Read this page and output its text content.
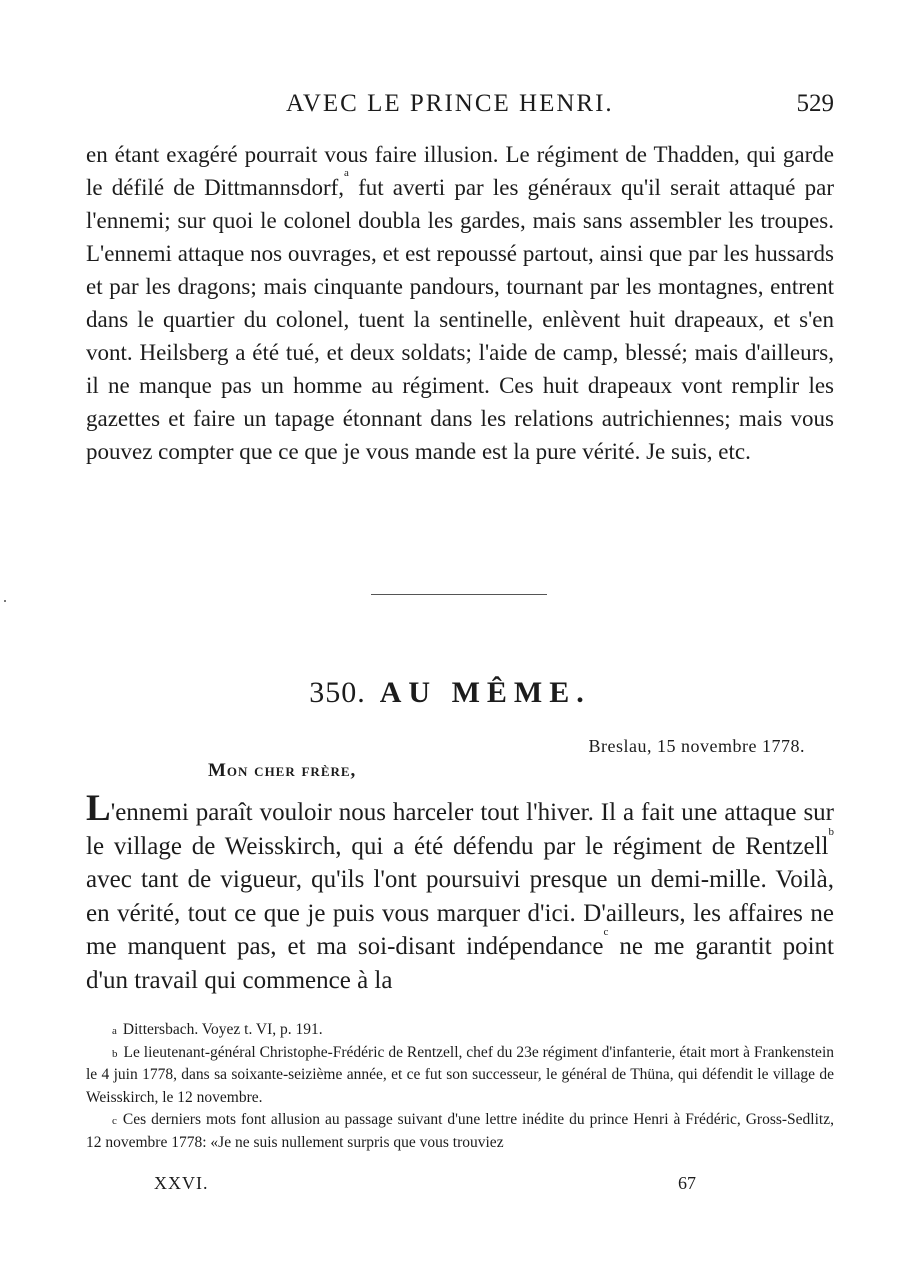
AVEC LE PRINCE HENRI.	529

en étant exagéré pourrait vous faire illusion. Le régiment de Thadden, qui garde le défilé de Dittmannsdorf,$^a$ fut averti par les généraux qu'il serait attaqué par l'ennemi; sur quoi le colonel doubla les gardes, mais sans assembler les troupes. L'ennemi attaque nos ouvrages, et est repoussé partout, ainsi que par les hussards et par les dragons; mais cinquante pandours, tournant par les montagnes, entrent dans le quartier du colonel, tuent la sentinelle, enlèvent huit drapeaux, et s'en vont. Heilsberg a été tué, et deux soldats; l'aide de camp, blessé; mais d'ailleurs, il ne manque pas un homme au régiment. Ces huit drapeaux vont remplir les gazettes et faire un tapage étonnant dans les relations autrichiennes; mais vous pouvez compter que ce que je vous mande est la pure vérité. Je suis, etc.

350. AU MÊME.
Breslau, 15 novembre 1778.
Mon cher frère,

L'ennemi paraît vouloir nous harceler tout l'hiver. Il a fait une attaque sur le village de Weisskirch, qui a été défendu par le régiment de Rentzell$^b$ avec tant de vigueur, qu'ils l'ont poursuivi presque un demi-mille. Voilà, en vérité, tout ce que je puis vous marquer d'ici. D'ailleurs, les affaires ne me manquent pas, et ma soi-disant indépendance$^c$ ne me garantit point d'un travail qui commence à la

$^a$ Dittersbach. Voyez t. VI, p. 191.

$^b$ Le lieutenant-général Christophe-Frédéric de Rentzell, chef du 23e régiment d'infanterie, était mort à Frankenstein le 4 juin 1778, dans sa soixante-seizième année, et ce fut son successeur, le général de Thüna, qui défendit le village de Weisskirch, le 12 novembre.

$^c$ Ces derniers mots font allusion au passage suivant d'une lettre inédite du prince Henri à Frédéric, Gross-Sedlitz, 12 novembre 1778: «Je ne suis nullement surpris que vous trouviez

XXVI.	67
